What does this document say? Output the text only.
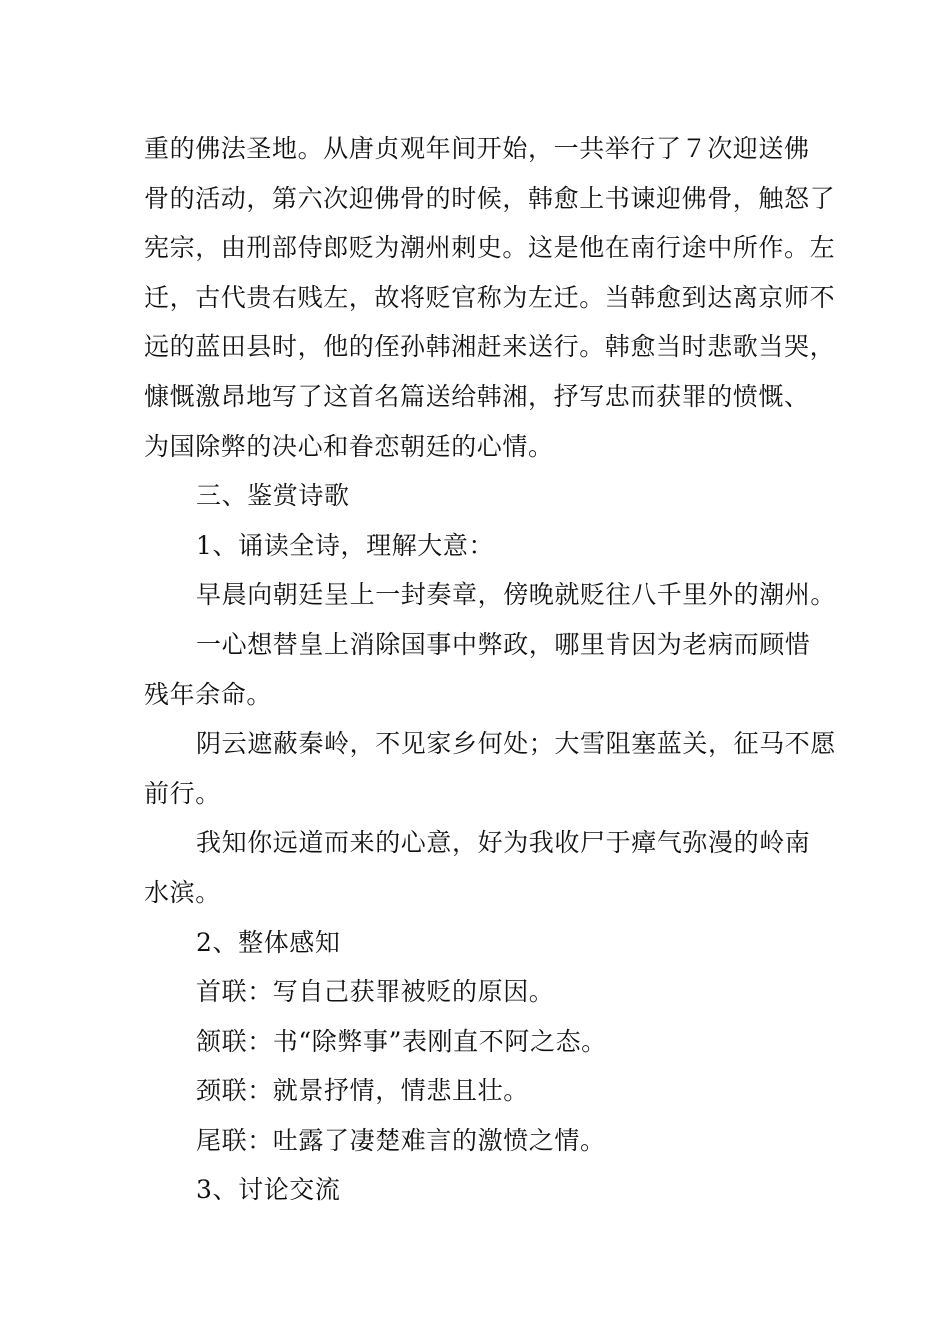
重的佛法圣地。从唐贞观年间开始，一共举行了７次迎送佛
骨的活动，第六次迎佛骨的时候，韩愈上书谏迎佛骨，触怒了
宪宗，由刑部侍郎贬为潮州刺史。这是他在南行途中所作。左
迁，古代贵右贱左，故将贬官称为左迁。当韩愈到达离京师不
远的蓝田县时，他的侄孙韩湘赶来送行。韩愈当时悲歌当哭，
慷慨激昂地写了这首名篇送给韩湘，抒写忠而获罪的愤慨、
为国除弊的决心和眷恋朝廷的心情。
三、鉴赏诗歌
1、诵读全诗，理解大意：
早晨向朝廷呈上一封奏章，傍晚就贬往八千里外的潮州。
一心想替皇上消除国事中弊政，哪里肯因为老病而顾惜
残年余命。
阴云遮蔽秦岭，不见家乡何处；大雪阻塞蓝关，征马不愿
前行。
我知你远道而来的心意，好为我收尸于瘴气弥漫的岭南
水滨。
2、整体感知
首联：写自己获罪被贬的原因。
颔联：书“除弊事”表刚直不阿之态。
颈联：就景抒情，情悲且壮。
尾联：吐露了凄楚难言的激愤之情。
3、讨论交流
